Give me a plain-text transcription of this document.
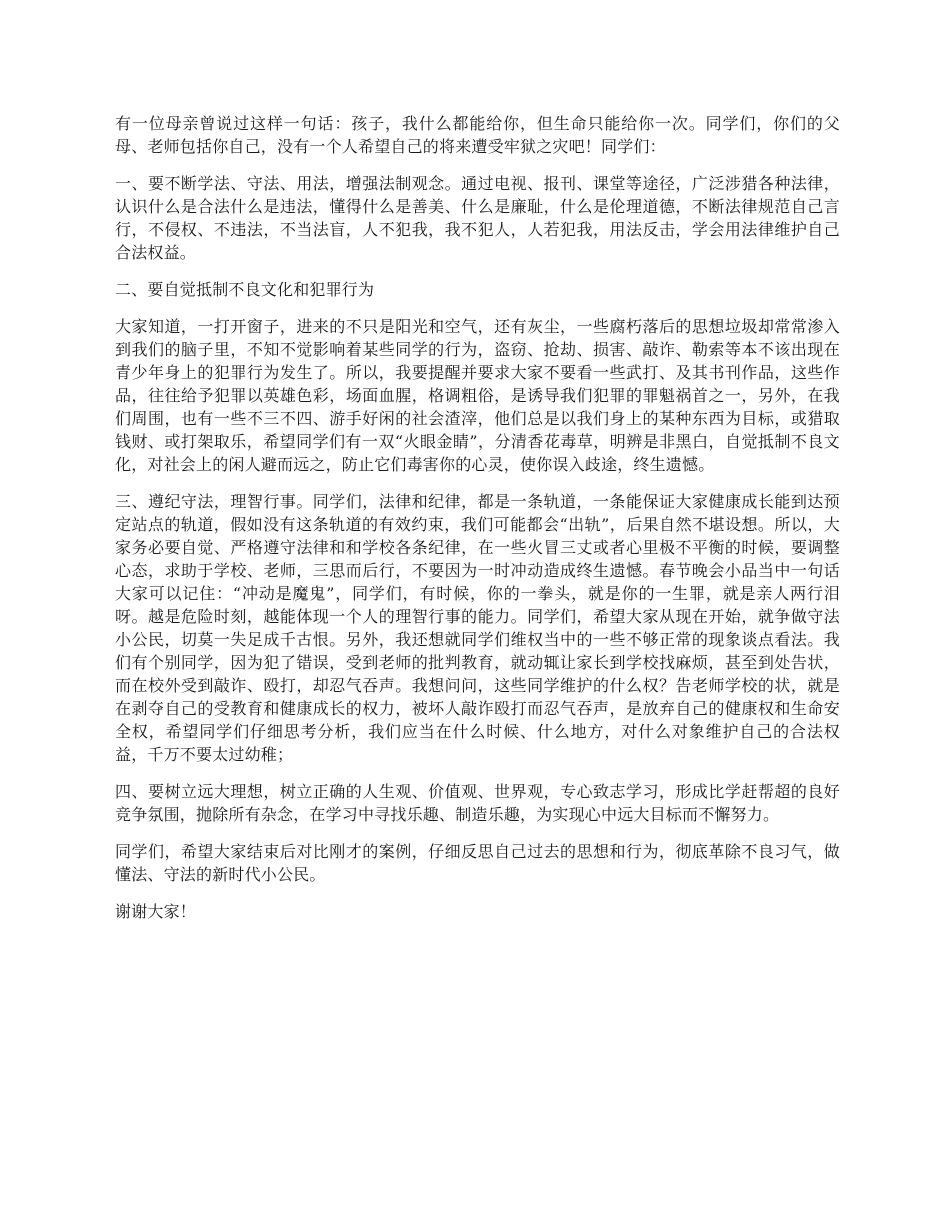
有一位母亲曾说过这样一句话：孩子，我什么都能给你，但生命只能给你一次。同学们，你们的父母、老师包括你自己，没有一个人希望自己的将来遭受牢狱之灾吧！同学们：

一、要不断学法、守法、用法，增强法制观念。通过电视、报刊、课堂等途径，广泛涉猎各种法律，认识什么是合法什么是违法，懂得什么是善美、什么是廉耻，什么是伦理道德，不断法律规范自己言行，不侵权、不违法，不当法盲，人不犯我，我不犯人，人若犯我，用法反击，学会用法律维护自己合法权益。

二、要自觉抵制不良文化和犯罪行为

大家知道，一打开窗子，进来的不只是阳光和空气，还有灰尘，一些腐朽落后的思想垃圾却常常渗入到我们的脑子里，不知不觉影响着某些同学的行为，盗窃、抢劫、损害、敲诈、勒索等本不该出现在青少年身上的犯罪行为发生了。所以，我要提醒并要求大家不要看一些武打、及其书刊作品，这些作品，往往给予犯罪以英雄色彩，场面血腥，格调粗俗，是诱导我们犯罪的罪魁祸首之一，另外，在我们周围，也有一些不三不四、游手好闲的社会渣滓，他们总是以我们身上的某种东西为目标，或猎取钱财、或打架取乐，希望同学们有一双“火眼金睛”，分清香花毒草，明辨是非黑白，自觉抵制不良文化，对社会上的闲人避而远之，防止它们毒害你的心灵，使你误入歧途，终生遗憾。

三、遵纪守法，理智行事。同学们，法律和纪律，都是一条轨道，一条能保证大家健康成长能到达预定站点的轨道，假如没有这条轨道的有效约束，我们可能都会“出轨”，后果自然不堪设想。所以，大家务必要自觉、严格遵守法律和和学校各条纪律，在一些火冒三丈或者心里极不平衡的时候，要调整心态，求助于学校、老师，三思而后行，不要因为一时冲动造成终生遗憾。春节晚会小品当中一句话大家可以记住：“冲动是魔鬼”，同学们，有时候，你的一拳头，就是你的一生罪，就是亲人两行泪呀。越是危险时刻，越能体现一个人的理智行事的能力。同学们，希望大家从现在开始，就争做守法小公民，切莫一失足成千古恨。另外，我还想就同学们维权当中的一些不够正常的现象谈点看法。我们有个别同学，因为犯了错误，受到老师的批判教育，就动辄让家长到学校找麻烦，甚至到处告状，而在校外受到敲诈、殴打，却忍气吞声。我想问问，这些同学维护的什么权？告老师学校的状，就是在剥夺自己的受教育和健康成长的权力，被坏人敲诈殴打而忍气吞声，是放弃自己的健康权和生命安全权，希望同学们仔细思考分析，我们应当在什么时候、什么地方，对什么对象维护自己的合法权益，千万不要太过幼稚；

四、要树立远大理想，树立正确的人生观、价值观、世界观，专心致志学习，形成比学赶帮超的良好竞争氛围，抛除所有杂念，在学习中寻找乐趣、制造乐趣，为实现心中远大目标而不懈努力。

同学们，希望大家结束后对比刚才的案例，仔细反思自己过去的思想和行为，彻底革除不良习气，做懂法、守法的新时代小公民。

谢谢大家！
